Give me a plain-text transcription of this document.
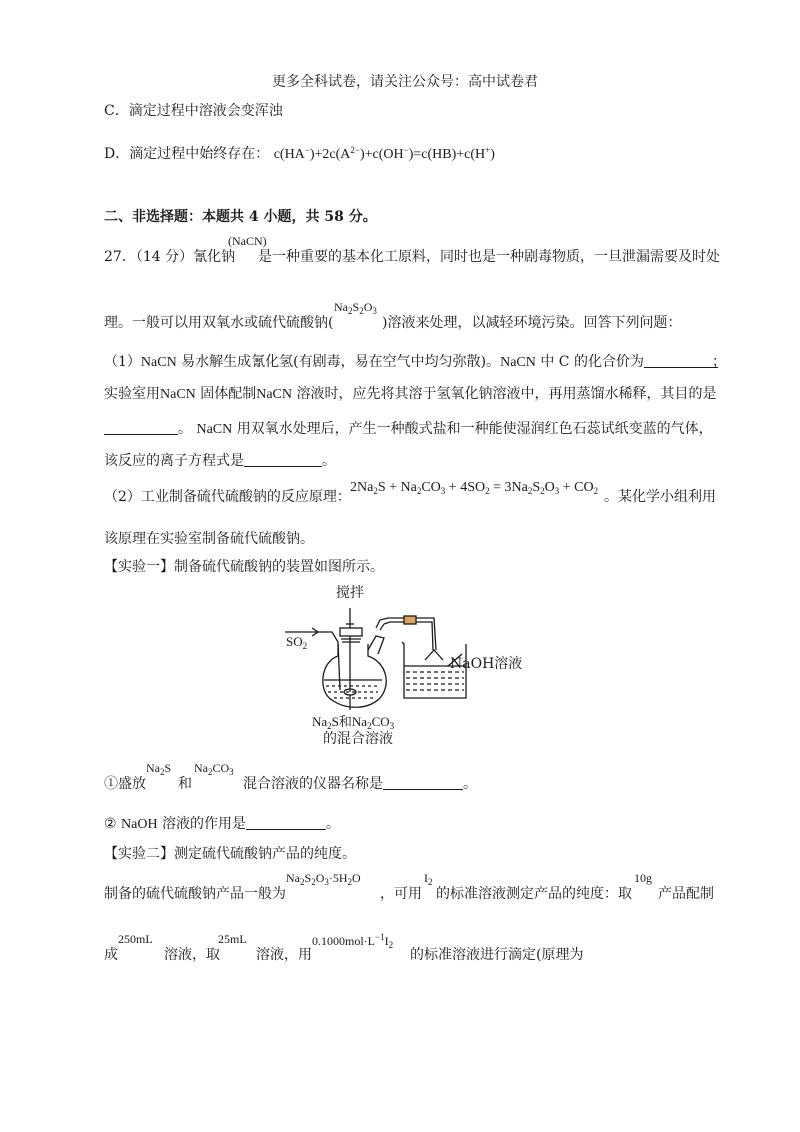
更多全科试卷，请关注公众号：高中试卷君
C．滴定过程中溶液会变浑浊
D．滴定过程中始终存在： $c(HA^-)+2c(A^{2-})+c(OH^-)=c(HB)+c(H^+)$
二、非选择题：本题共 4 小题，共 58 分。
27．（14 分）氰化钠
(NaCN)
是一种重要的基本化工原料，同时也是一种剧毒物质，一旦泄漏需要及时处
理。一般可以用双氧水或硫代硫酸钠(
$Na_2S_2O_3$
)溶液来处理，以减轻环境污染。回答下列问题：
（1）NaCN 易水解生成氰化氢(有剧毒，易在空气中均匀弥散)。NaCN 中 C 的化合价为	；
实验室用NaCN 固体配制NaCN 溶液时，应先将其溶于氢氧化钠溶液中，再用蒸馏水稀释，其目的是
。 NaCN 用双氧水处理后，产生一种酸式盐和一种能使湿润红色石蕊试纸变蓝的气体，
该反应的离子方程式是	。
（2）工业制备硫代硫酸钠的反应原理：
$2Na_2S + Na_2CO_3 + 4SO_2 = 3Na_2S_2O_3 + CO_2$ 。某化学小组利用
该原理在实验室制备硫代硫酸钠。
【实验一】制备硫代硫酸钠的装置如图所示。
$SO_2$
$Na_2S$和$Na_2CO_3$
搅拌
NaOH溶液
的混合溶液
①盛放
$Na_2S$
和
$Na_2CO_3$
混合溶液的仪器名称是	。
② NaOH 溶液的作用是	。
【实验二】测定硫代硫酸钠产品的纯度。
制备的硫代硫酸钠产品一般为
$Na_2S_2O_3\cdot 5H_2O$
，可用
$I_2$
的标准溶液测定产品的纯度：取
10g
产品配制
成
250mL
溶液，取
25mL
溶液，用
$0.1000mol\cdot L^{-1}I_2$
的标准溶液进行滴定(原理为
